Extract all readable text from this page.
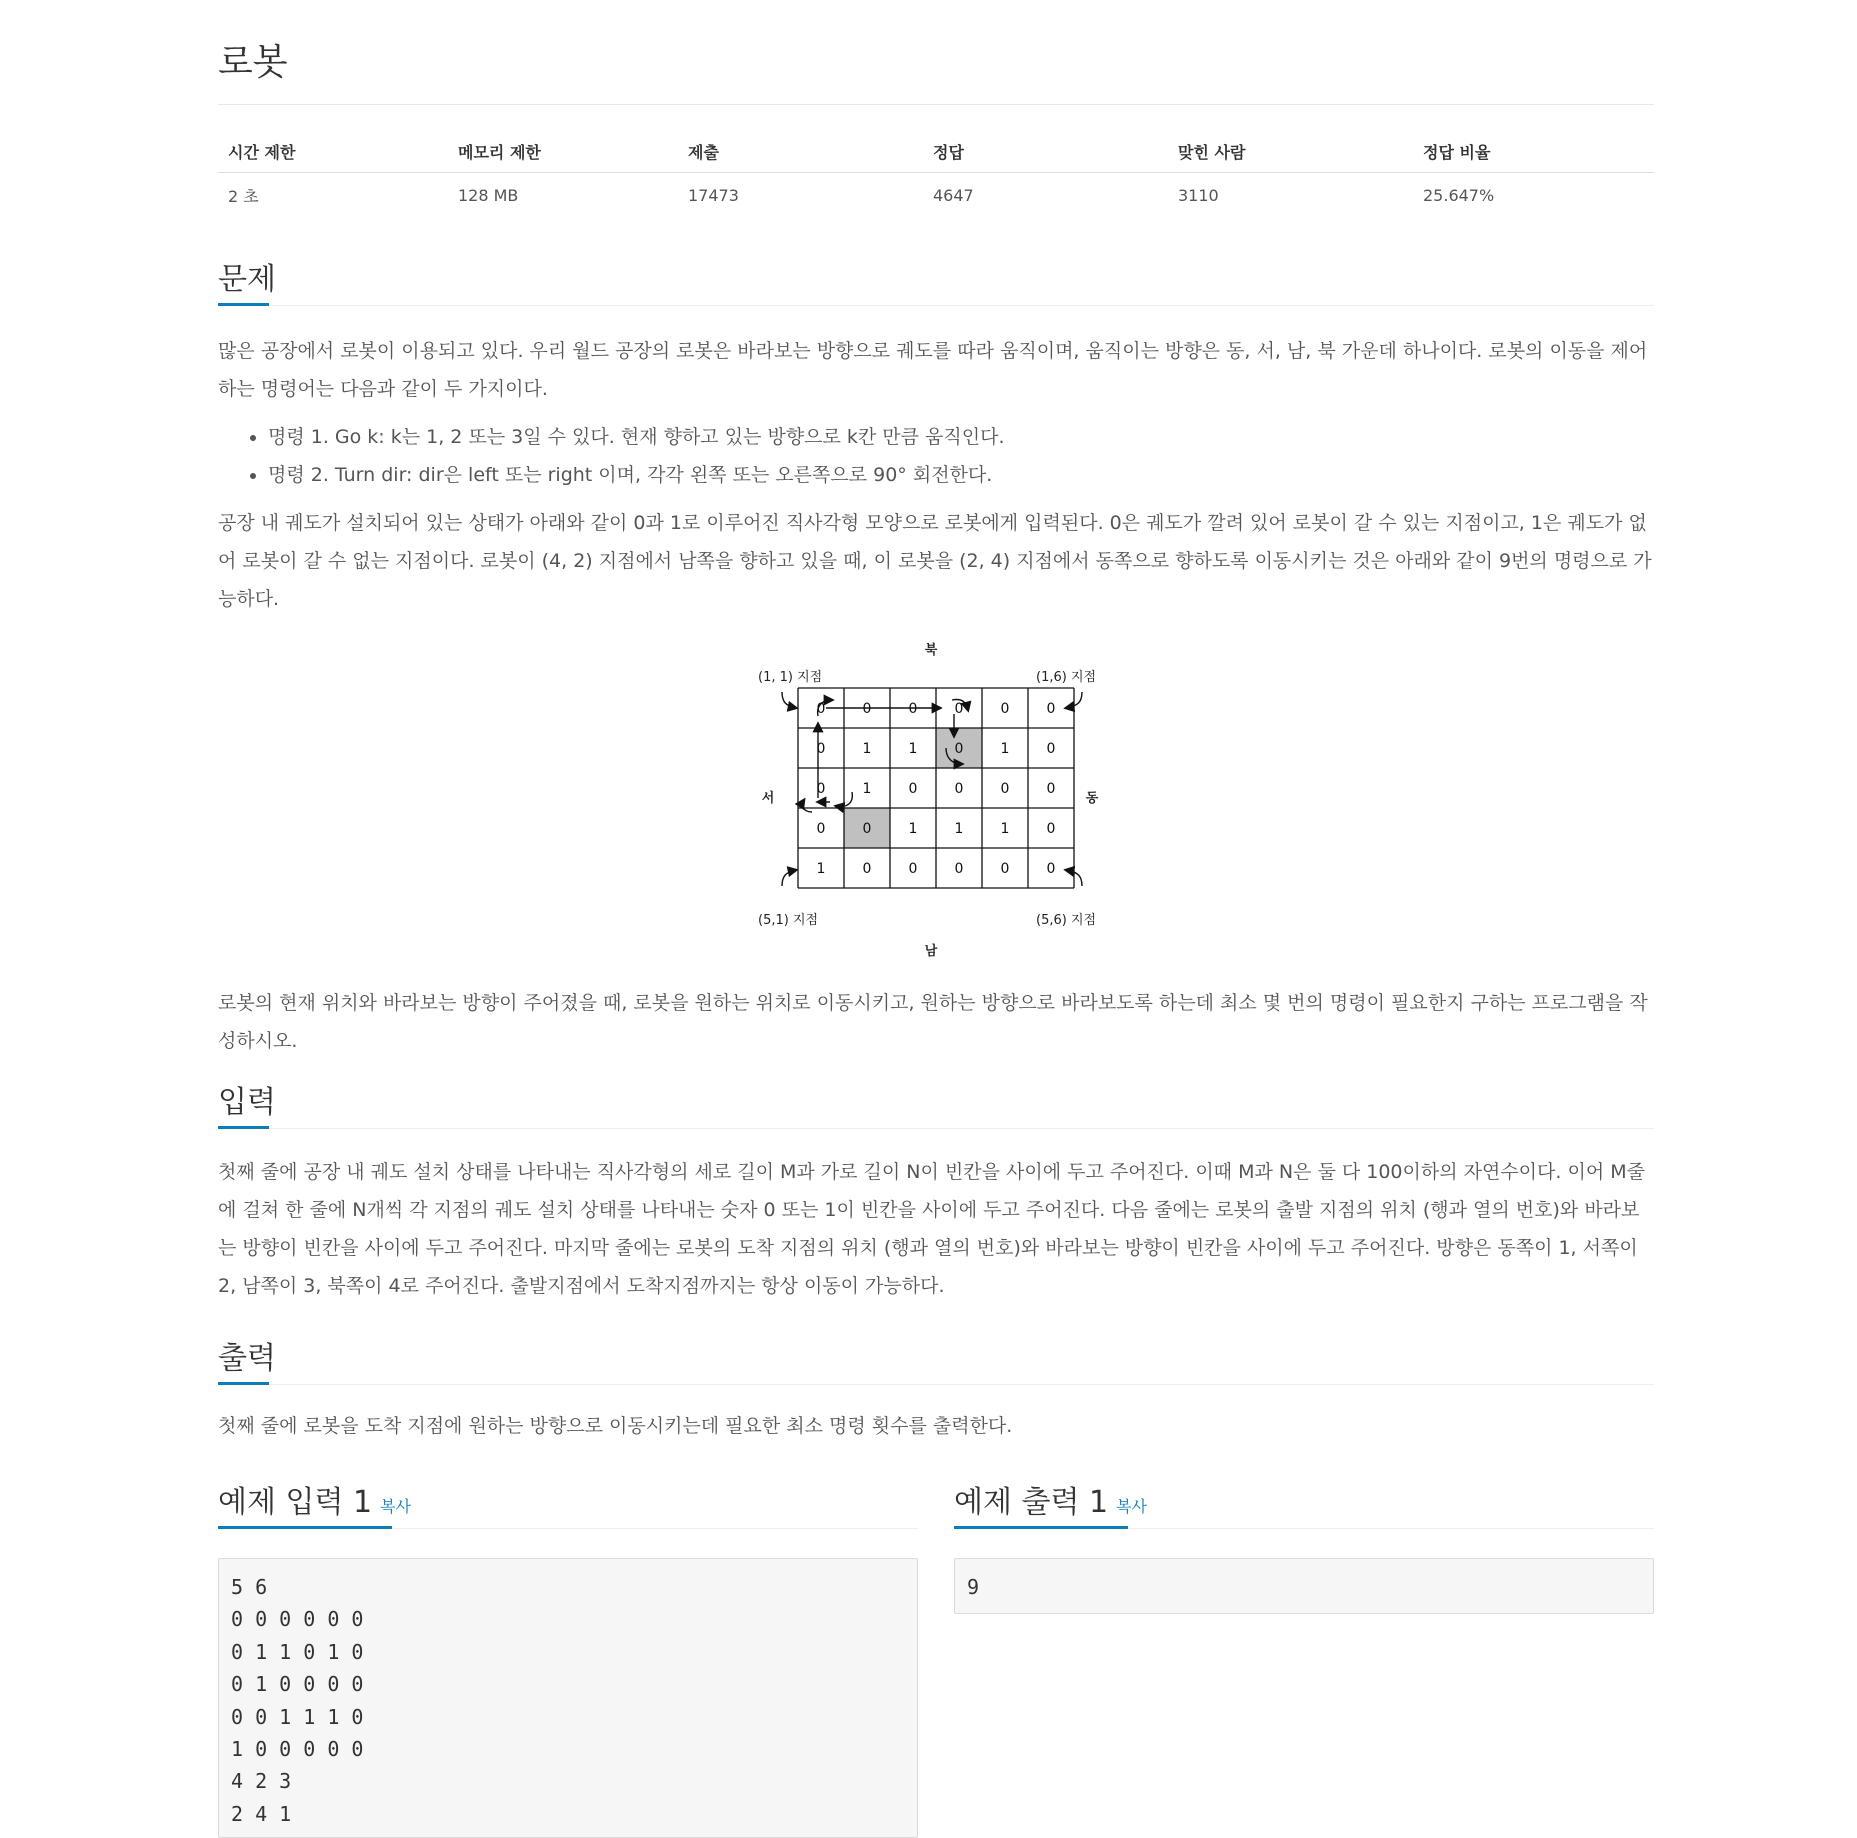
로봇
시간 제한	메모리 제한	제출	정답	맞힌 사람	정답 비율
2 초	128 MB	17473	4647	3110	25.647%
문제

많은 공장에서 로봇이 이용되고 있다. 우리 월드 공장의 로봇은 바라보는 방향으로 궤도를 따라 움직이며, 움직이는 방향은 동, 서, 남, 북 가운데 하나이다. 로봇의 이동을 제어하는 명령어는 다음과 같이 두 가지이다.

• 명령 1. Go k: k는 1, 2 또는 3일 수 있다. 현재 향하고 있는 방향으로 k칸 만큼 움직인다.
• 명령 2. Turn dir: dir은 left 또는 right 이며, 각각 왼쪽 또는 오른쪽으로 90° 회전한다.

공장 내 궤도가 설치되어 있는 상태가 아래와 같이 0과 1로 이루어진 직사각형 모양으로 로봇에게 입력된다. 0은 궤도가 깔려 있어 로봇이 갈 수 있는 지점이고, 1은 궤도가 없어 로봇이 갈 수 없는 지점이다. 로봇이 (4, 2) 지점에서 남쪽을 향하고 있을 때, 이 로봇을 (2, 4) 지점에서 동쪽으로 향하도록 이동시키는 것은 아래와 같이 9번의 명령으로 가능하다.

북
남
서	동
(1, 1) 지점	(1,6) 지점
(5,1) 지점	(5,6) 지점
0	0	0	0	0	0
0	1	1	0	1	0
0	1	0	0	0	0
0	0	1	1	1	0
1	0	0	0	0	0

로봇의 현재 위치와 바라보는 방향이 주어졌을 때, 로봇을 원하는 위치로 이동시키고, 원하는 방향으로 바라보도록 하는데 최소 몇 번의 명령이 필요한지 구하는 프로그램을 작성하시오.

입력

첫째 줄에 공장 내 궤도 설치 상태를 나타내는 직사각형의 세로 길이 M과 가로 길이 N이 빈칸을 사이에 두고 주어진다. 이때 M과 N은 둘 다 100이하의 자연수이다. 이어 M줄에 걸쳐 한 줄에 N개씩 각 지점의 궤도 설치 상태를 나타내는 숫자 0 또는 1이 빈칸을 사이에 두고 주어진다. 다음 줄에는 로봇의 출발 지점의 위치 (행과 열의 번호)와 바라보는 방향이 빈칸을 사이에 두고 주어진다. 마지막 줄에는 로봇의 도착 지점의 위치 (행과 열의 번호)와 바라보는 방향이 빈칸을 사이에 두고 주어진다. 방향은 동쪽이 1, 서쪽이 2, 남쪽이 3, 북쪽이 4로 주어진다. 출발지점에서 도착지점까지는 항상 이동이 가능하다.

출력

첫째 줄에 로봇을 도착 지점에 원하는 방향으로 이동시키는데 필요한 최소 명령 횟수를 출력한다.

예제 입력 1 복사
5 6
0 0 0 0 0 0
0 1 1 0 1 0
0 1 0 0 0 0
0 0 1 1 1 0
1 0 0 0 0 0
4 2 3
2 4 1
예제 출력 1 복사
9
